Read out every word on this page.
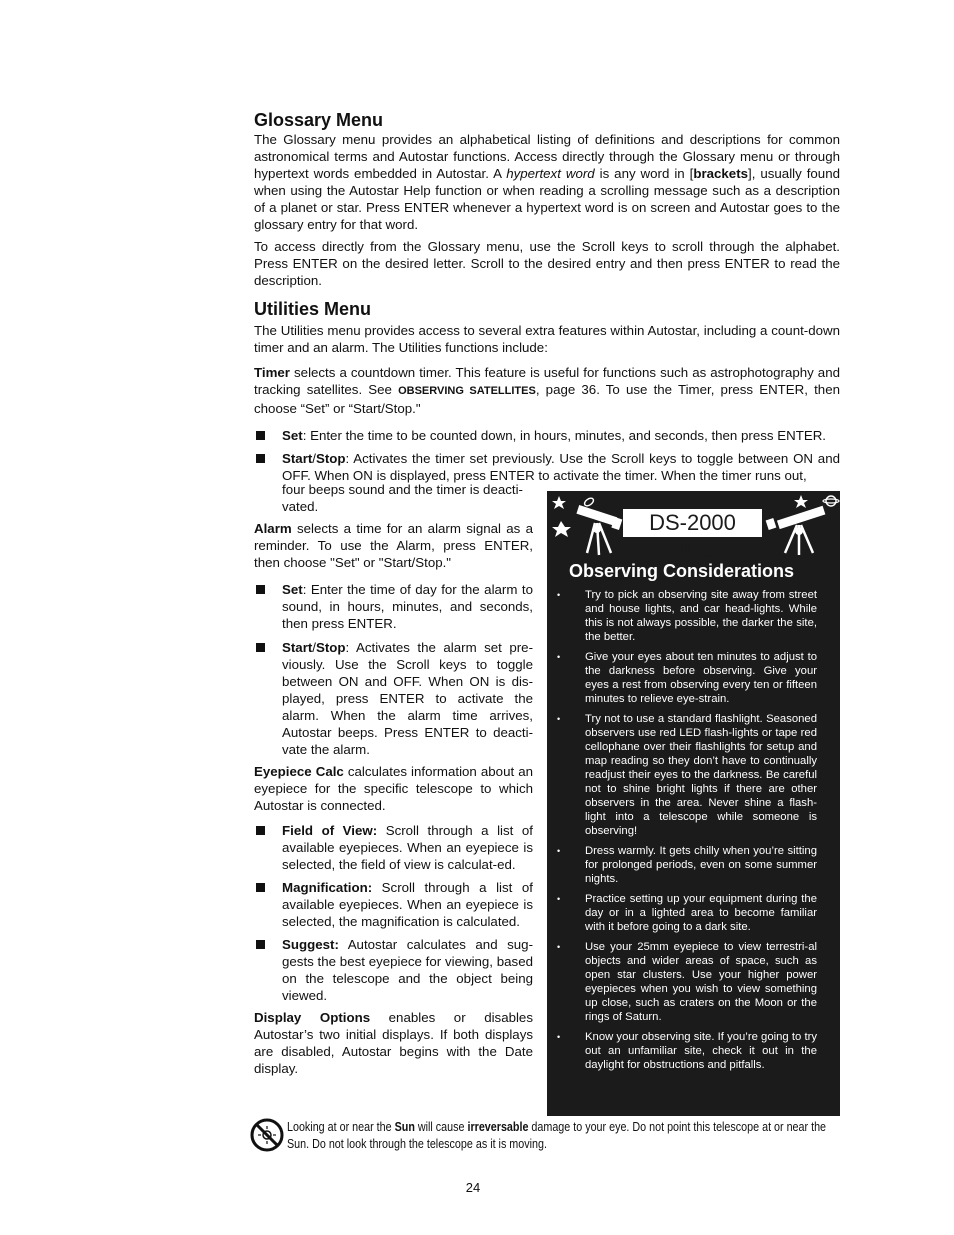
Glossary Menu

The Glossary menu provides an alphabetical listing of definitions and descriptions for common astronomical terms and Autostar functions. Access directly through the Glossary menu or through hypertext words embedded in Autostar. A hypertext word is any word in [brackets], usually found when using the Autostar Help function or when reading a scrolling message such as a description of a planet or star. Press ENTER whenever a hypertext word is on screen and Autostar goes to the glossary entry for that word.

To access directly from the Glossary menu, use the Scroll keys to scroll through the alphabet. Press ENTER on the desired letter. Scroll to the desired entry and then press ENTER to read the description.

Utilities Menu

The Utilities menu provides access to several extra features within Autostar, including a count-down timer and an alarm. The Utilities functions include:

Timer selects a countdown timer. This feature is useful for functions such as astrophotography and tracking satellites. See OBSERVING SATELLITES, page 36. To use the Timer, press ENTER, then choose “Set” or “Start/Stop."

Set: Enter the time to be counted down, in hours, minutes, and seconds, then press ENTER.

Start/Stop: Activates the timer set previously. Use the Scroll keys to toggle between ON and OFF. When ON is displayed, press ENTER to activate the timer. When the timer runs out,

four beeps sound and the timer is deacti-vated.

Alarm selects a time for an alarm signal as a reminder. To use the Alarm, press ENTER, then choose "Set" or "Start/Stop."

Set: Enter the time of day for the alarm to sound, in hours, minutes, and seconds, then press ENTER.

Start/Stop: Activates the alarm set pre-viously. Use the Scroll keys to toggle between ON and OFF. When ON is dis-played, press ENTER to activate the alarm. When the alarm time arrives, Autostar beeps. Press ENTER to deacti-vate the alarm.

Eyepiece Calc calculates information about an eyepiece for the specific telescope to which Autostar is connected.

Field of View: Scroll through a list of available eyepieces. When an eyepiece is selected, the field of view is calculat-ed.

Magnification: Scroll through a list of available eyepieces. When an eyepiece is selected, the magnification is calculated.

Suggest: Autostar calculates and sug-gests the best eyepiece for viewing, based on the telescope and the object being viewed.

Display Options enables or disables Autostar’s two initial displays. If both displays are disabled, Autostar begins with the Date display.

DS-2000 TIPS
Observing Considerations
• Try to pick an observing site away from street and house lights, and car head-lights. While this is not always possible, the darker the site, the better.
• Give your eyes about ten minutes to adjust to the darkness before observing. Give your eyes a rest from observing every ten or fifteen minutes to relieve eye-strain.
• Try not to use a standard flashlight. Seasoned observers use red LED flash-lights or tape red cellophane over their flashlights for setup and map reading so they don’t have to continually readjust their eyes to the darkness. Be careful not to shine bright lights if there are other observers in the area. Never shine a flash-light into a telescope while someone is observing!
• Dress warmly. It gets chilly when you’re sitting for prolonged periods, even on some summer nights.
• Practice setting up your equipment during the day or in a lighted area to become familiar with it before going to a dark site.
• Use your 25mm eyepiece to view terrestri-al objects and wider areas of space, such as open star clusters. Use your higher power eyepieces when you wish to view something up close, such as craters on the Moon or the rings of Saturn.
• Know your observing site. If you’re going to try out an unfamiliar site, check it out in the daylight for obstructions and pitfalls.
Looking at or near the Sun will cause irreversable damage to your eye. Do not point this telescope at or near the Sun. Do not look through the telescope as it is moving.
24
